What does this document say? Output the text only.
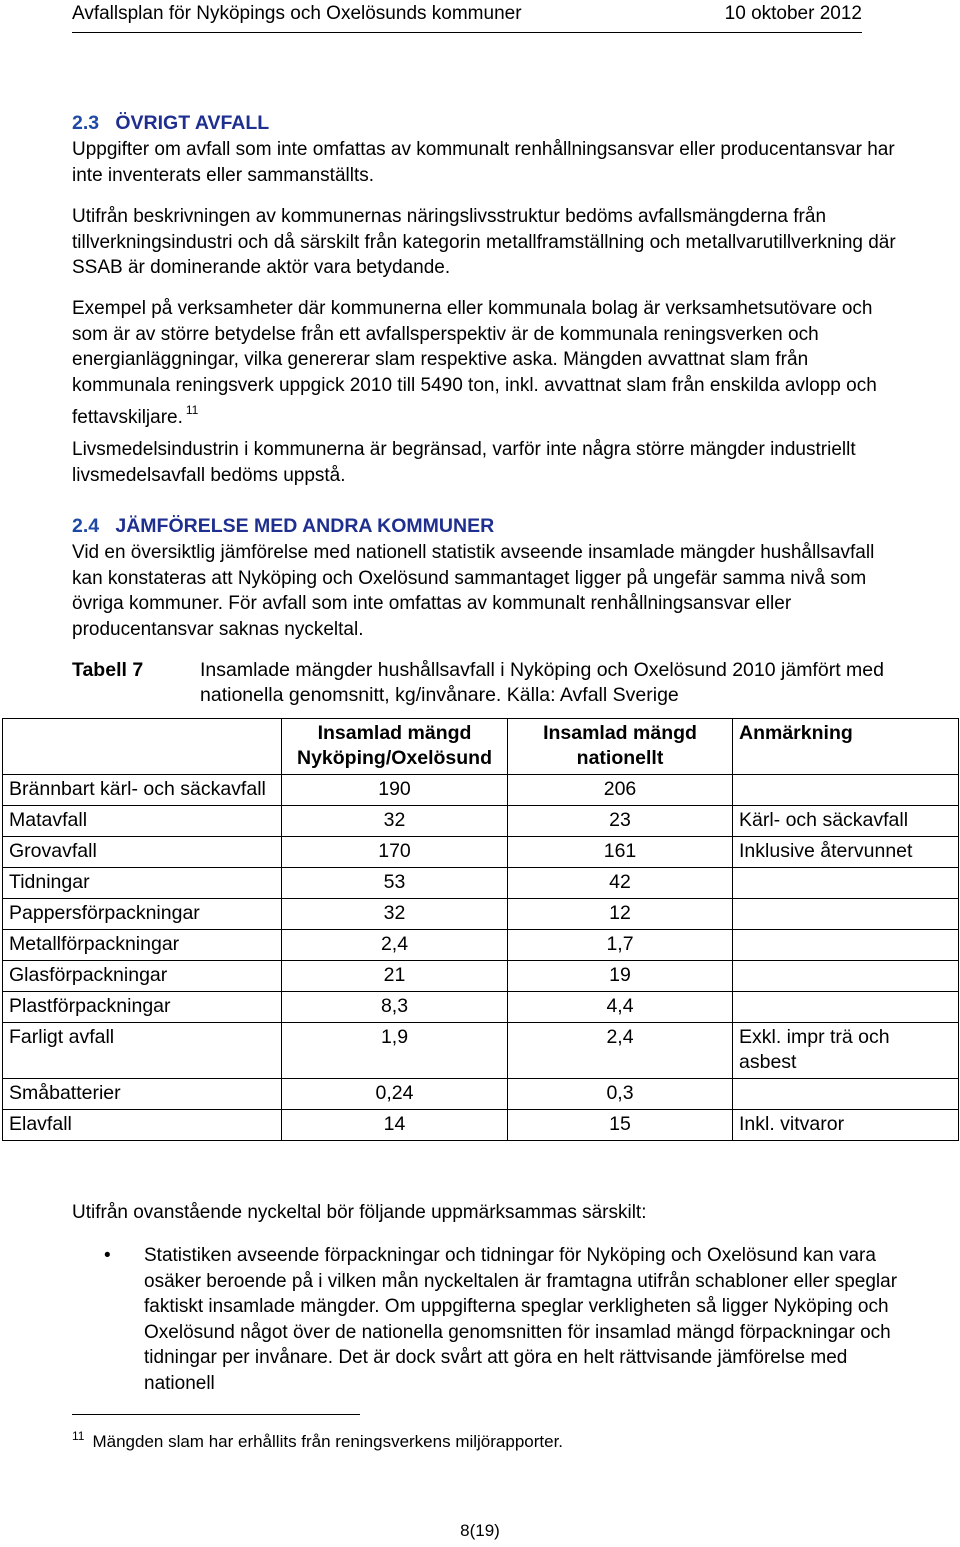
Avfallsplan för Nyköpings och Oxelösunds kommuner	10 oktober 2012
2.3 ÖVRIGT AVFALL

Uppgifter om avfall som inte omfattas av kommunalt renhållningsansvar eller producentansvar har inte inventerats eller sammanställts.

Utifrån beskrivningen av kommunernas näringslivsstruktur bedöms avfallsmängderna från tillverkningsindustri och då särskilt från kategorin metallframställning och metallvarutillverkning där SSAB är dominerande aktör vara betydande.

Exempel på verksamheter där kommunerna eller kommunala bolag är verksamhetsutövare och som är av större betydelse från ett avfallsperspektiv är de kommunala reningsverken och energianläggningar, vilka genererar slam respektive aska. Mängden avvattnat slam från kommunala reningsverk uppgick 2010 till 5490 ton, inkl. avvattnat slam från enskilda avlopp och fettavskiljare. $^{11}$

Livsmedelsindustrin i kommunerna är begränsad, varför inte några större mängder industriellt livsmedelsavfall bedöms uppstå.

2.4 JÄMFÖRELSE MED ANDRA KOMMUNER

Vid en översiktlig jämförelse med nationell statistik avseende insamlade mängder hushållsavfall kan konstateras att Nyköping och Oxelösund sammantaget ligger på ungefär samma nivå som övriga kommuner. För avfall som inte omfattas av kommunalt renhållningsansvar eller producentansvar saknas nyckeltal.

Tabell 7	Insamlade mängder hushållsavfall i Nyköping och Oxelösund 2010 jämfört med nationella genomsnitt, kg/invånare. Källa: Avfall Sverige
	Insamlad mängd Nyköping/Oxelösund	Insamlad mängd nationellt	Anmärkning
Brännbart kärl- och säckavfall	190	206	
Matavfall	32	23	Kärl- och säckavfall
Grovavfall	170	161	Inklusive återvunnet
Tidningar	53	42	
Pappersförpackningar	32	12	
Metallförpackningar	2,4	1,7	
Glasförpackningar	21	19	
Plastförpackningar	8,3	4,4	
Farligt avfall	1,9	2,4	Exkl. impr trä och asbest
Småbatterier	0,24	0,3	
Elavfall	14	15	Inkl. vitvaror

Utifrån ovanstående nyckeltal bör följande uppmärksammas särskilt:

• Statistiken avseende förpackningar och tidningar för Nyköping och Oxelösund kan vara osäker beroende på i vilken mån nyckeltalen är framtagna utifrån schabloner eller speglar faktiskt insamlade mängder. Om uppgifterna speglar verkligheten så ligger Nyköping och Oxelösund något över de nationella genomsnitten för insamlad mängd förpackningar och tidningar per invånare. Det är dock svårt att göra en helt rättvisande jämförelse med nationell

$^{11}$ Mängden slam har erhållits från reningsverkens miljörapporter.
8(19)
